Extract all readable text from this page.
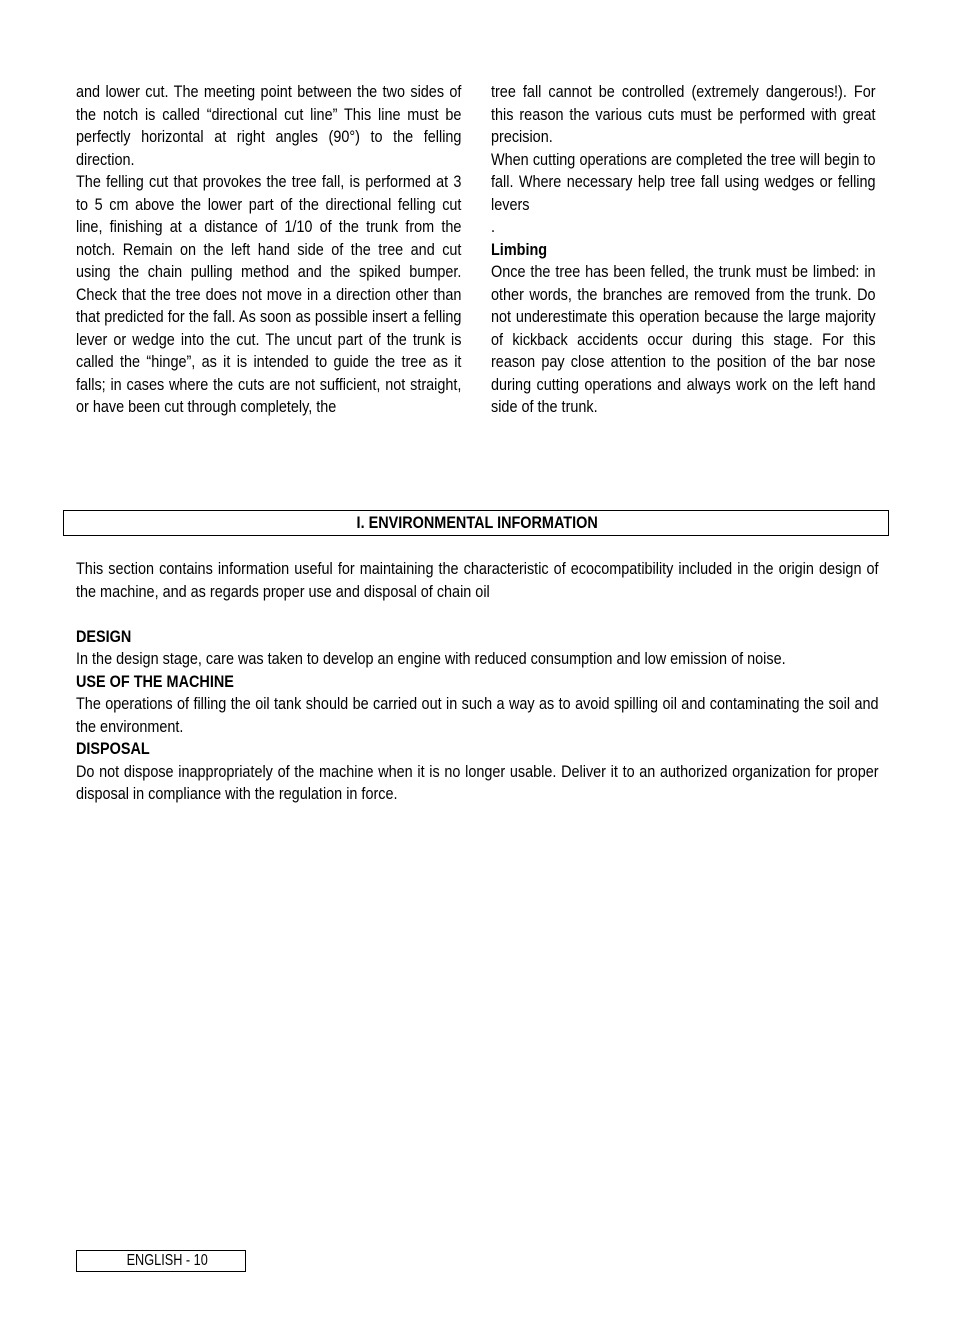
and lower cut. The meeting point between the two sides of the notch is called “directional cut line” This line must be perfectly horizontal at right angles (90°) to the felling direction.

The felling cut that provokes the tree fall, is performed at 3 to 5 cm above the lower part of the directional felling cut line, finishing at a distance of 1/10 of the trunk from the notch. Remain on the left hand side of the tree and cut using the chain pulling method and the spiked bumper. Check that the tree does not move in a direction other than that predicted for the fall. As soon as possible insert a felling lever or wedge into the cut. The uncut part of the trunk is called the “hinge”, as it is intended to guide the tree as it falls; in cases where the cuts are not sufficient, not straight, or have been cut through completely, the

tree fall cannot be controlled (extremely dangerous!). For this reason the various cuts must be performed with great precision.

When cutting operations are completed the tree will begin to fall. Where necessary help tree fall using wedges or felling levers

.

Limbing

Once the tree has been felled, the trunk must be limbed: in other words, the branches are removed from the trunk. Do not underestimate this operation because the large majority of kickback accidents occur during this stage. For this reason pay close attention to the position of the bar nose during cutting operations and always work on the left hand side of the trunk.

I. ENVIRONMENTAL INFORMATION

This section contains information useful for maintaining the characteristic of ecocompatibility included in the origin design of the machine, and as regards proper use and disposal of chain oil

DESIGN

In the design stage, care was taken to develop an engine with reduced consumption and low emission of noise.

USE OF THE MACHINE

The operations of filling the oil tank should be carried out in such a way as to avoid spilling oil and contaminating the soil and the environment.

DISPOSAL

Do not dispose inappropriately of the machine when it is no longer usable. Deliver it to an authorized organization for proper disposal in compliance with the regulation in force.

ENGLISH - 10
